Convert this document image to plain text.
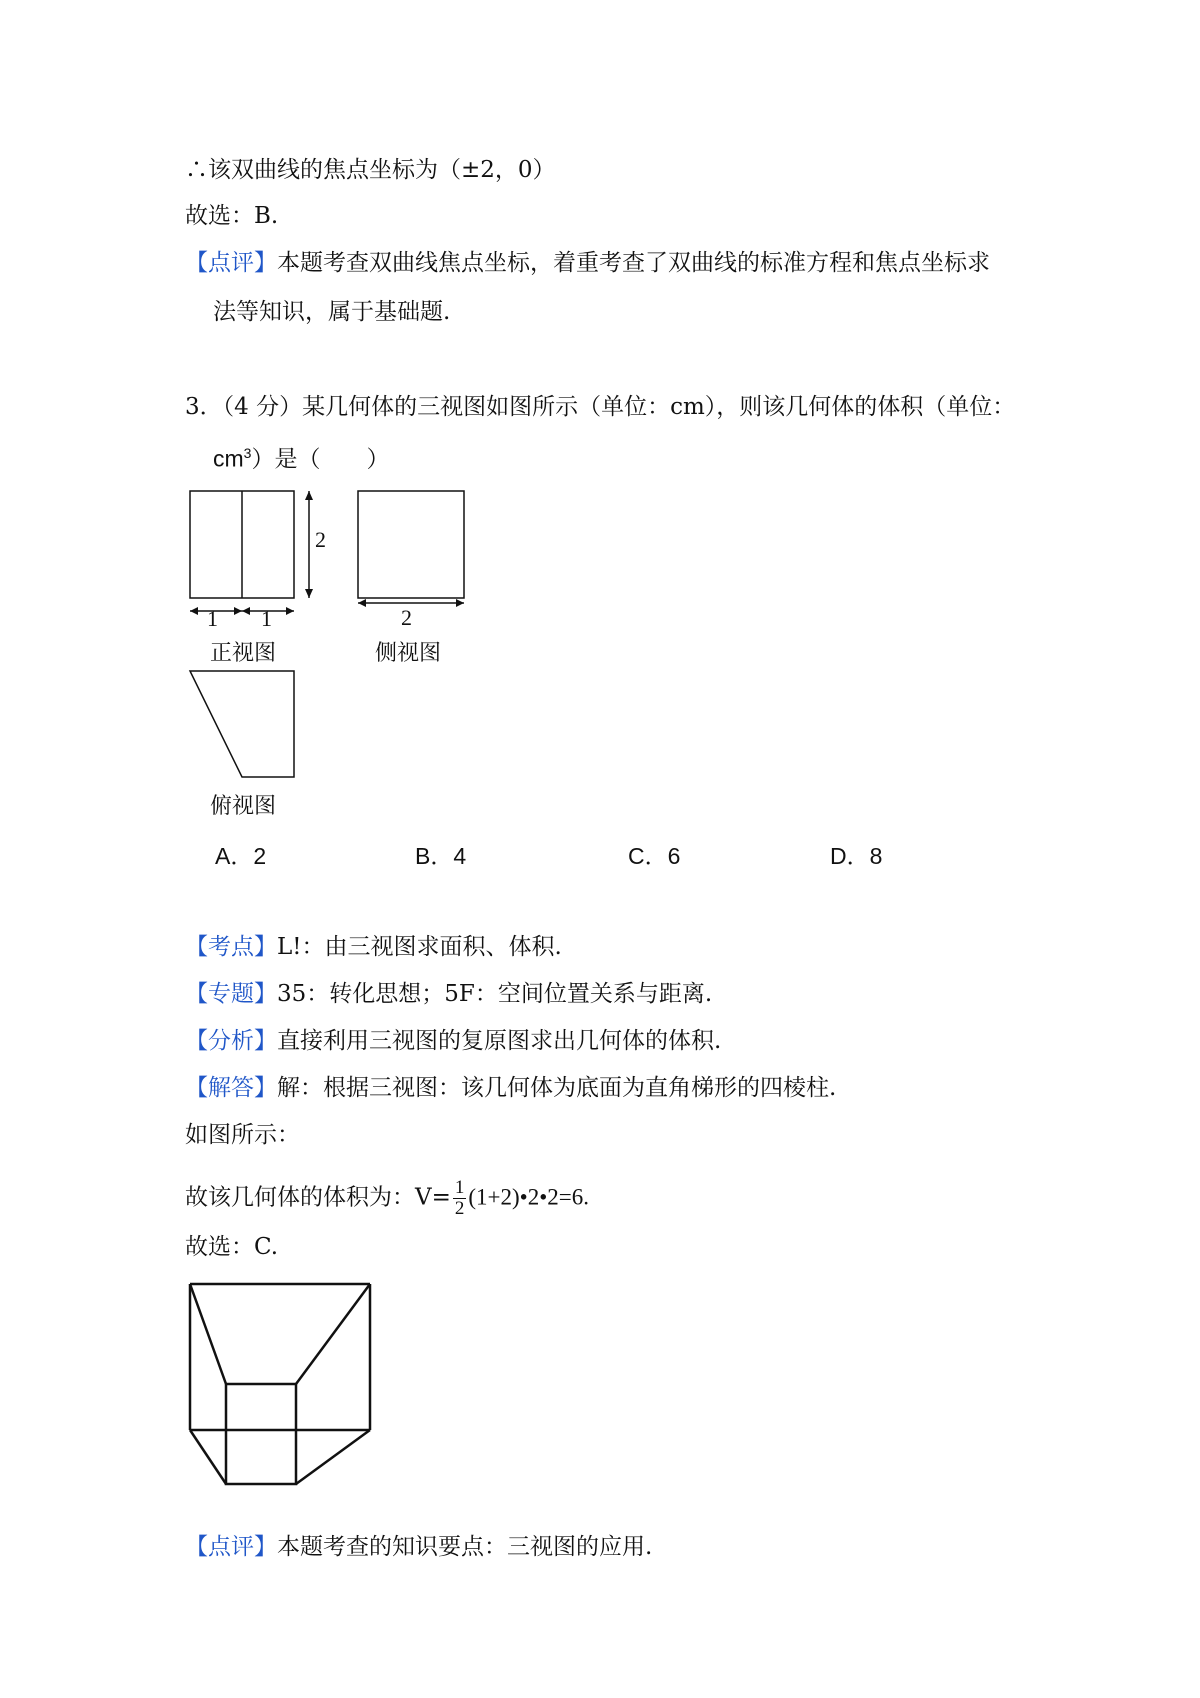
∴该双曲线的焦点坐标为（±2，0）
故选：B.
【点评】本题考查双曲线焦点坐标，着重考查了双曲线的标准方程和焦点坐标求
法等知识，属于基础题.
3．（4 分）某几何体的三视图如图所示（单位：cm），则该几何体的体积（单位：
$cm^3$）是（　　）
2
1 1
正视图
2
侧视图
俯视图
A．2	B．4	C．6	D．8
【考点】L!：由三视图求面积、体积.
【专题】35：转化思想；5F：空间位置关系与距离.
【分析】直接利用三视图的复原图求出几何体的体积.
【解答】解：根据三视图：该几何体为底面为直角梯形的四棱柱.
如图所示：
故该几何体的体积为：$V= \frac{1}{2}$ (1+2)•2•2=6.
故选：C.
【点评】本题考查的知识要点：三视图的应用.
